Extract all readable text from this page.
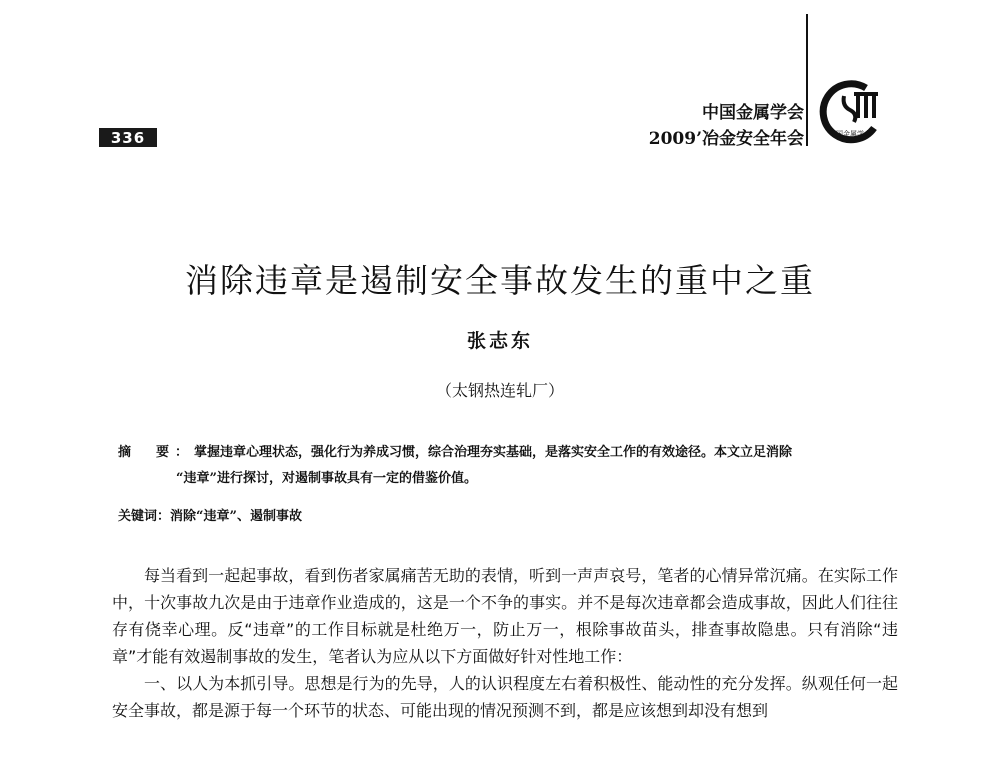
336
中国金属学会
2009’冶金安全年会	中国金属学会
消除违章是遏制安全事故发生的重中之重
张志东
（太钢热连轧厂）
摘　要：掌握违章心理状态，强化行为养成习惯，综合治理夯实基础，是落实安全工作的有效途径。本文立足消除
“违章”进行探讨，对遏制事故具有一定的借鉴价值。
关键词：消除“违章”、遏制事故

每当看到一起起事故，看到伤者家属痛苦无助的表情，听到一声声哀号，笔者的心情异常沉痛。在实际工作中，十次事故九次是由于违章作业造成的，这是一个不争的事实。并不是每次违章都会造成事故，因此人们往往存有侥幸心理。反“违章”的工作目标就是杜绝万一，防止万一，根除事故苗头，排查事故隐患。只有消除“违章”才能有效遏制事故的发生，笔者认为应从以下方面做好针对性地工作：

一、以人为本抓引导。思想是行为的先导，人的认识程度左右着积极性、能动性的充分发挥。纵观任何一起安全事故，都是源于每一个环节的状态、可能出现的情况预测不到，都是应该想到却没有想到
